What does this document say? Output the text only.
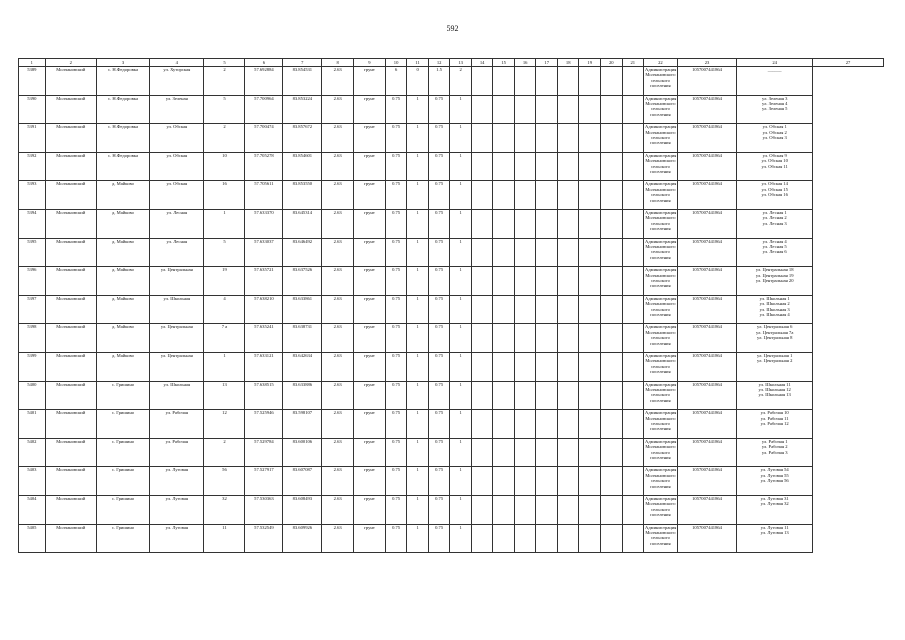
592
1	2	3	4	5	6	7	8	9	10	11	12	13	14	15	16	17	18	19	20	21	22	23	24	27
5389	Молчановский	с. Н.Федоровка	ул. Хуторская	2	57.692884	83.854531	2.63	грунт	6	0	1.5	2									Администрация
Молчановского
сельского
поселения	1057007441864	______	

5390	Молчановский	с. Н.Федоровка	ул. Зеленая	5	57.700964	83.853224	2.63	грунт	0.75	1	0.75	1									Администрация
Молчановского
сельского
поселения	1057007441864	ул. Зеленая 3
ул. Зеленая 4
ул. Зеленая 5	

5391	Молчановский	с. Н.Федоровка	ул. Обская	2	57.700474	83.857672	2.63	грунт	0.75	1	0.75	1									Администрация
Молчановского
сельского
поселения	1057007441864	ул. Обская 1
ул. Обская 2
ул. Обская 3	

5392	Молчановский	с. Н.Федоровка	ул. Обская	10	57.705278	83.854601	2.63	грунт	0.75	1	0.75	1									Администрация
Молчановского
сельского
поселения	1057007441864	ул. Обская 9
ул. Обская 10
ул. Обская 11	

5393	Молчановский	д. Майково	ул. Обская	16	57.705611	83.853550	2.63	грунт	0.75	1	0.75	1									Администрация
Молчановского
сельского
поселения	1057007441864	ул. Обская 14
ул. Обская 15
ул. Обская 16	

5394	Молчановский	д. Майково	ул. Лесная	1	57.633370	83.645314	2.63	грунт	0.75	1	0.75	1									Администрация
Молчановского
сельского
поселения	1057007441864	ул. Лесная 1
ул. Лесная 2
ул. Лесная 3	

5395	Молчановский	д. Майково	ул. Лесная	5	57.633037	83.646492	2.63	грунт	0.75	1	0.75	1									Администрация
Молчановского
сельского
поселения	1057007441864	ул. Лесная 4
ул. Лесная 5
ул. Лесная 6	

5396	Молчановский	д. Майково	ул. Центральная	19	57.635721	83.637526	2.63	грунт	0.75	1	0.75	1									Администрация
Молчановского
сельского
поселения	1057007441864	ул. Центральная 18
ул. Центральная 19
ул. Центральная 20	

5397	Молчановский	д. Майково	ул. Школьная	4	57.638210	83.633861	2.63	грунт	0.75	1	0.75	1									Администрация
Молчановского
сельского
поселения	1057007441864	ул. Школьная 1
ул. Школьная 2
ул. Школьная 3
ул. Школьная 4	

5398	Молчановский	д. Майково	ул. Центральная	7 а	57.635241	83.638731	2.63	грунт	0.75	1	0.75	1									Администрация
Молчановского
сельского
поселения	1057007441864	ул. Центральная 6
ул. Центральная 7а
ул. Центральная 8	

5399	Молчановский	д. Майково	ул. Центральная	1	57.633121	83.642634	2.63	грунт	0.75	1	0.75	1									Администрация
Молчановского
сельского
поселения	1057007441864	ул. Центральная 1
ул. Центральная 2	

5400	Молчановский	с. Гришино	ул. Школьная	13	57.638515	83.633886	2.63	грунт	0.75	1	0.75	1									Администрация
Молчановского
сельского
поселения	1057007441864	ул. Школьная 11
ул. Школьная 12
ул. Школьная 13	

5401	Молчановский	с. Гришино	ул. Рабочая	12	57.525946	83.598107	2.63	грунт	0.75	1	0.75	1									Администрация
Молчановского
сельского
поселения	1057007441864	ул. Рабочая 10
ул. Рабочая 11
ул. Рабочая 12	

5402	Молчановский	с. Гришино	ул. Рабочая	2	57.529784	83.600106	2.63	грунт	0.75	1	0.75	1									Администрация
Молчановского
сельского
поселения	1057007441864	ул. Рабочая 1
ул. Рабочая 2
ул. Рабочая 3	

5403	Молчановский	с. Гришино	ул. Луговая	56	57.527917	83.607087	2.63	грунт	0.75	1	0.75	1									Администрация
Молчановского
сельского
поселения	1057007441864	ул. Луговая 54
ул. Луговая 55
ул. Луговая 56	

5404	Молчановский	с. Гришино	ул. Луговая	32	57.530363	83.608493	2.63	грунт	0.75	1	0.75	1									Администрация
Молчановского
сельского
поселения	1057007441864	ул. Луговая 31
ул. Луговая 32	

5405	Молчановский	с. Гришино	ул. Луговая	11	57.532549	83.609926	2.63	грунт	0.75	1	0.75	1									Администрация
Молчановского
сельского
поселения	1057007441864	ул. Луговая 11
ул. Луговая 13	
